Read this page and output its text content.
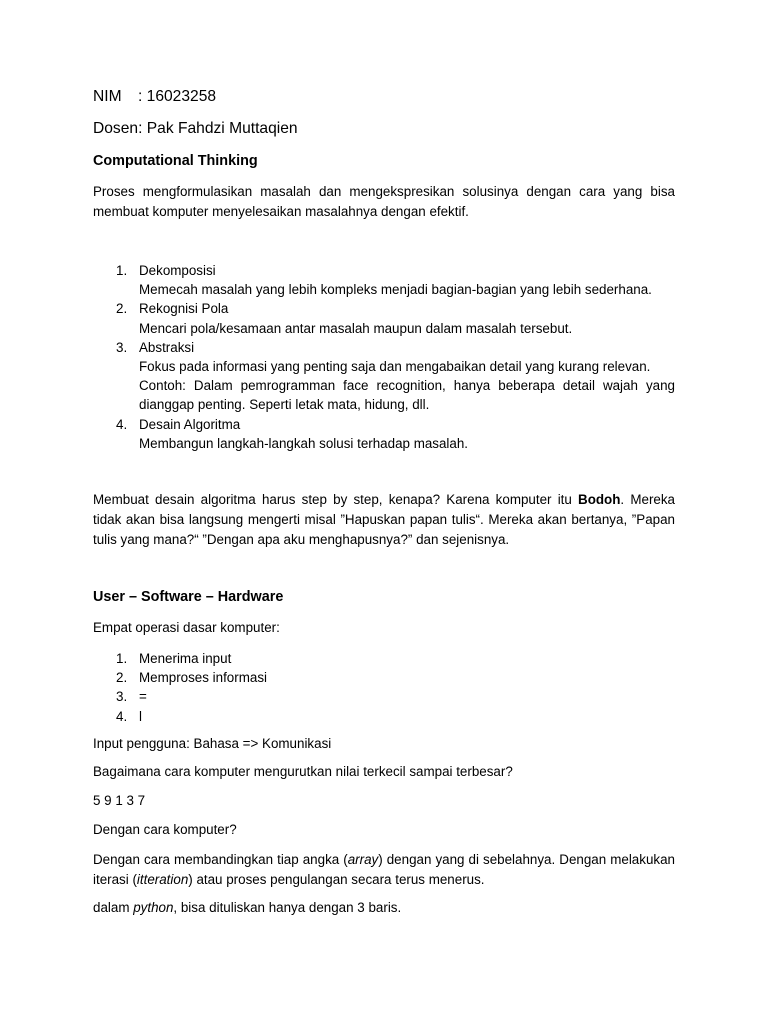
NIM : 16023258

Dosen: Pak Fahdzi Muttaqien

Computational Thinking

Proses mengformulasikan masalah dan mengekspresikan solusinya dengan cara yang bisa membuat komputer menyelesaikan masalahnya dengan efektif.

1. Dekomposisi
Memecah masalah yang lebih kompleks menjadi bagian-bagian yang lebih sederhana.
2. Rekognisi Pola
Mencari pola/kesamaan antar masalah maupun dalam masalah tersebut.
3. Abstraksi
Fokus pada informasi yang penting saja dan mengabaikan detail yang kurang relevan.
Contoh: Dalam pemrogramman face recognition, hanya beberapa detail wajah yang dianggap penting. Seperti letak mata, hidung, dll.
4. Desain Algoritma
Membangun langkah-langkah solusi terhadap masalah.

Membuat desain algoritma harus step by step, kenapa? Karena komputer itu Bodoh. Mereka tidak akan bisa langsung mengerti misal ”Hapuskan papan tulis“. Mereka akan bertanya, ”Papan tulis yang mana?“ ”Dengan apa aku menghapusnya?” dan sejenisnya.

User – Software – Hardware

Empat operasi dasar komputer:

1. Menerima input
2. Memproses informasi
3. =
4. l

Input pengguna: Bahasa => Komunikasi

Bagaimana cara komputer mengurutkan nilai terkecil sampai terbesar?

5 9 1 3 7

Dengan cara komputer?

Dengan cara membandingkan tiap angka (array) dengan yang di sebelahnya. Dengan melakukan iterasi (itteration) atau proses pengulangan secara terus menerus.

dalam python, bisa dituliskan hanya dengan 3 baris.
